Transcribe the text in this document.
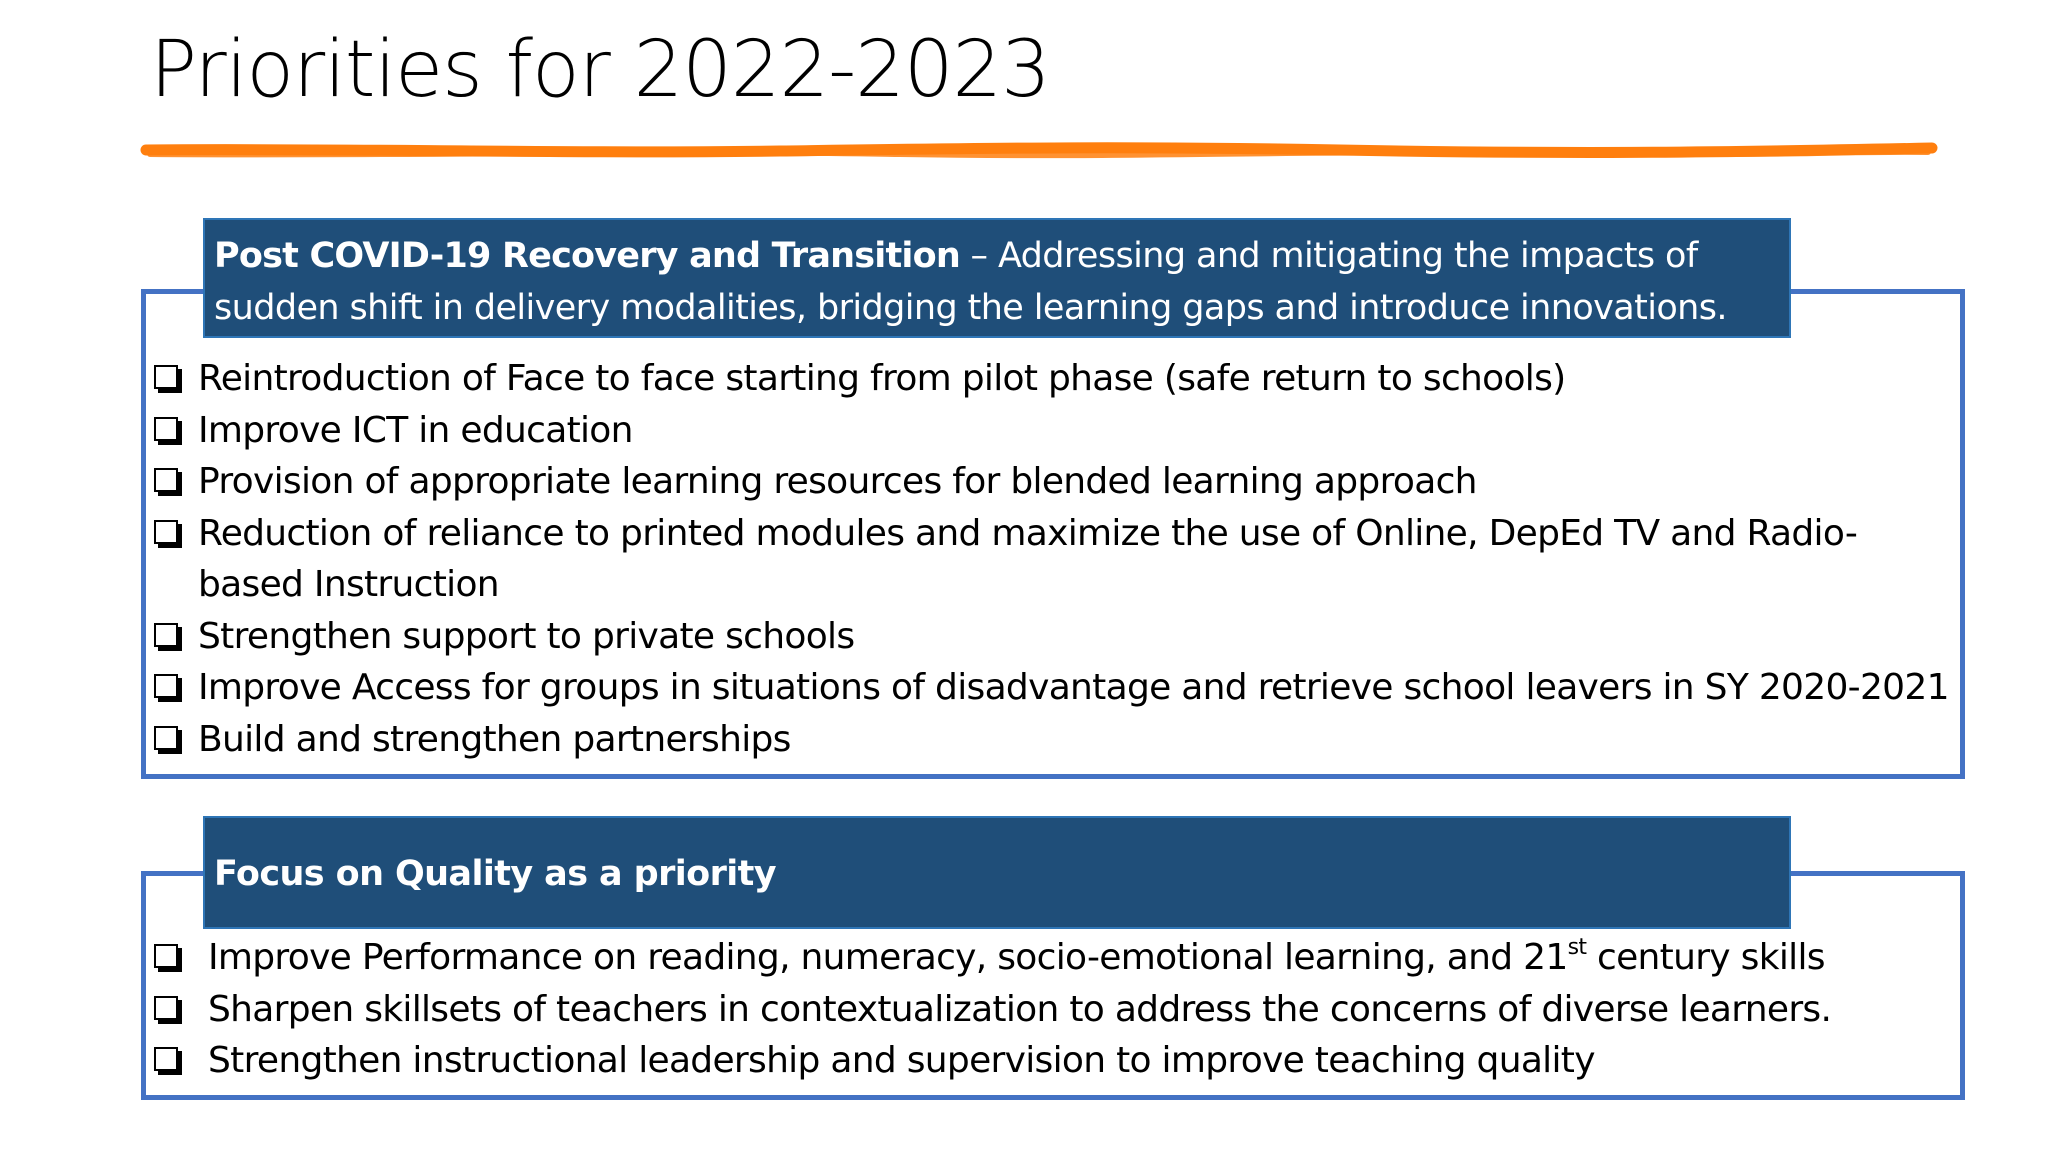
Priorities for 2022-2023
Post COVID-19 Recovery and Transition – Addressing and mitigating the impacts of sudden shift in delivery modalities, bridging the learning gaps and introduce innovations.
Reintroduction of Face to face starting from pilot phase (safe return to schools)
Improve ICT in education
Provision of appropriate learning resources for blended learning approach
Reduction of reliance to printed modules and maximize the use of Online, DepEd TV and Radio-based Instruction
Strengthen support to private schools
Improve Access for groups in situations of disadvantage and retrieve school leavers in SY 2020-2021
Build and strengthen partnerships
Focus on Quality as a priority
Improve Performance on reading, numeracy, socio-emotional learning, and 21st century skills
Sharpen skillsets of teachers in contextualization to address the concerns of diverse learners.
Strengthen instructional leadership and supervision to improve teaching quality
